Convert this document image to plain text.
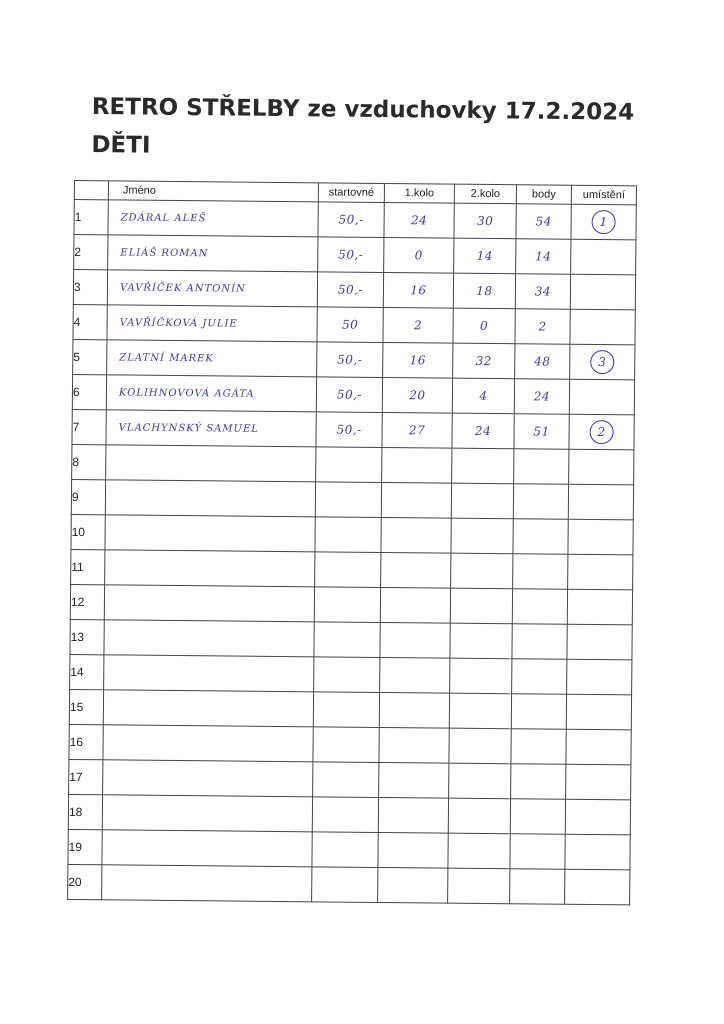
RETRO STŘELBY ze vzduchovky 17.2.2024
DĚTI
	Jméno	startovné	1.kolo	2.kolo	body	umístění
1	ZDÁRAL ALEŠ	50,-	24	30	54	1
2	ELIÁŠ ROMAN	50,-	0	14	14	
3	VAVŘÍČEK ANTONÍN	50,-	16	18	34	
4	VAVŘÍČKOVÁ JULIE	50	2	0	2	
5	ZLATNÍ MAREK	50,-	16	32	48	3
6	KOLIHNOVOVÁ AGÁTA	50,-	20	4	24	
7	VLACHYNSKÝ SAMUEL	50,-	27	24	51	2
8						
9						
10						
11						
12						
13						
14						
15						
16						
17						
18						
19						
20						
